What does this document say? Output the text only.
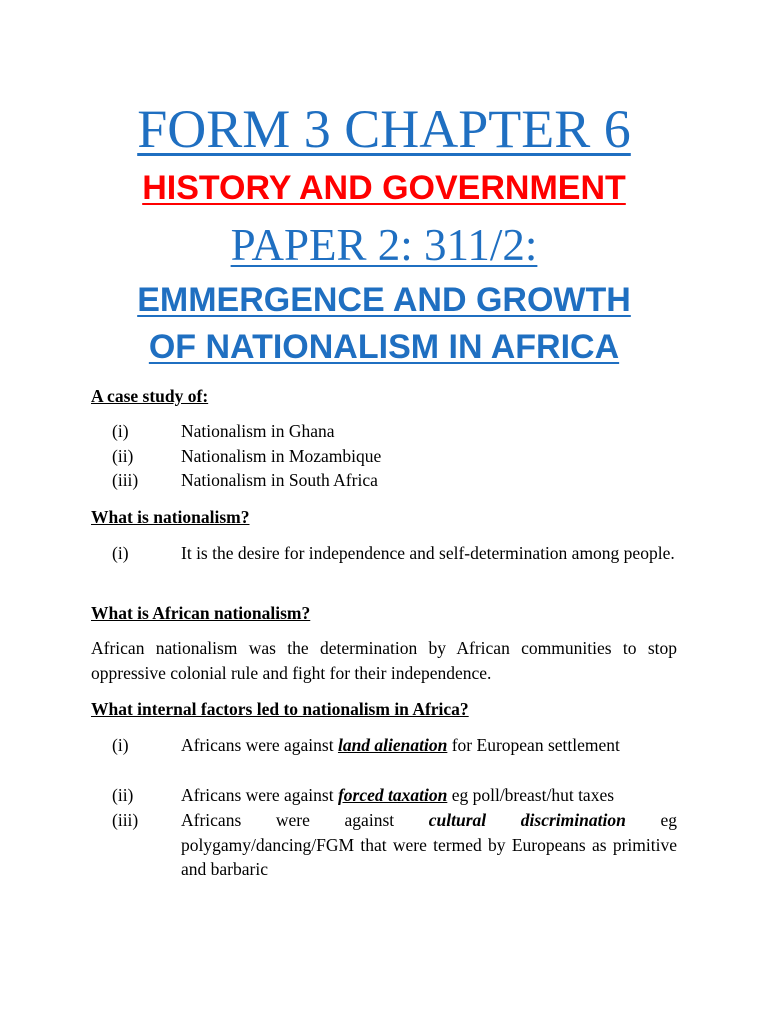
FORM 3 CHAPTER 6
HISTORY AND GOVERNMENT
PAPER 2: 311/2:
EMMERGENCE AND GROWTH
OF NATIONALISM IN AFRICA
A case study of:
(i)	Nationalism in Ghana
(ii)	Nationalism in Mozambique
(iii) Nationalism in South Africa
What is nationalism?
(i)	It is the desire for independence and self-determination among people.
What is African nationalism?
African nationalism was the determination by African communities to stop oppressive colonial rule and fight for their independence.
What internal factors led to nationalism in Africa?
(i)	Africans were against land alienation for European settlement
(ii)	Africans were against forced taxation eg poll/breast/hut taxes
(iii) Africans were against cultural discrimination eg polygamy/dancing/FGM that were termed by Europeans as primitive and barbaric
